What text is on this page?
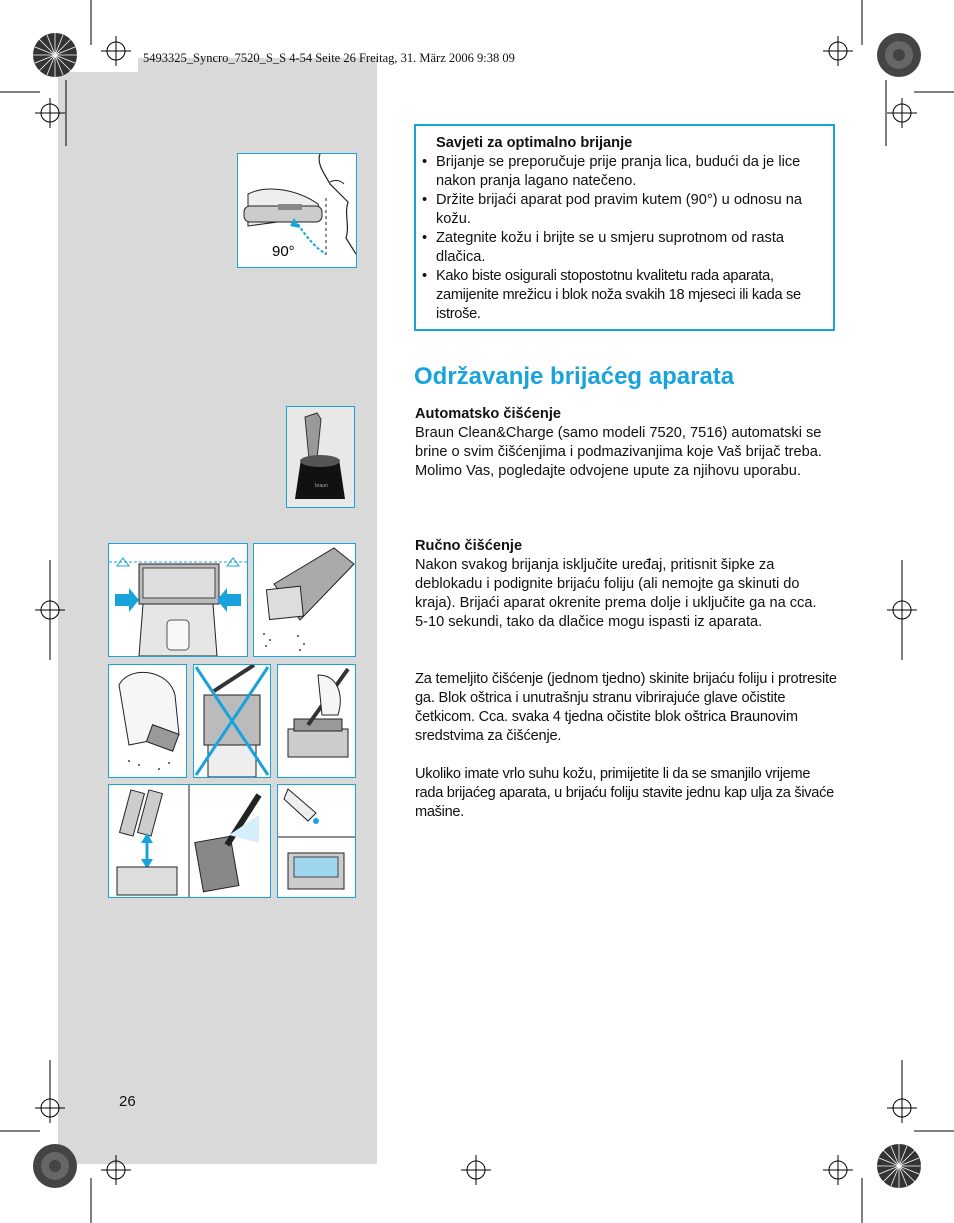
5493325_Syncro_7520_S_S 4-54 Seite 26 Freitag, 31. März 2006 9:38 09
90°
braun
Savjeti za optimalno brijanje
• Brijanje se preporučuje prije pranja lica, budući da je lice nakon pranja lagano natečeno.
• Držite brijaći aparat pod pravim kutem (90°) u odnosu na kožu.
• Zategnite kožu i brijte se u smjeru suprotnom od rasta dlačica.
• Kako biste osigurali stopostotnu kvalitetu rada aparata, zamijenite mrežicu i blok noža svakih 18 mjeseci ili kada se istroše.
Održavanje brijaćeg aparata
Automatsko čišćenje

Braun Clean&Charge (samo modeli 7520, 7516) automatski se brine o svim čišćenjima i podmazivanjima koje Vaš brijač treba. Molimo Vas, pogledajte odvojene upute za njihovu uporabu.

Ručno čišćenje

Nakon svakog brijanja isključite uređaj, pritisnit šipke za deblokadu i podignite brijaću foliju (ali nemojte ga skinuti do kraja). Brijaći aparat okrenite prema dolje i uključite ga na cca. 5-10 sekundi, tako da dlačice mogu ispasti iz aparata.

Za temeljito čišćenje (jednom tjedno) skinite brijaću foliju i protresite ga. Blok oštrica i unutrašnju stranu vibrirajuće glave očistite četkicom. Cca. svaka 4 tjedna očistite blok oštrica Braunovim sredstvima za čišćenje.

Ukoliko imate vrlo suhu kožu, primijetite li da se smanjilo vrijeme rada brijaćeg aparata, u brijaću foliju stavite jednu kap ulja za šivaće mašine.

26
